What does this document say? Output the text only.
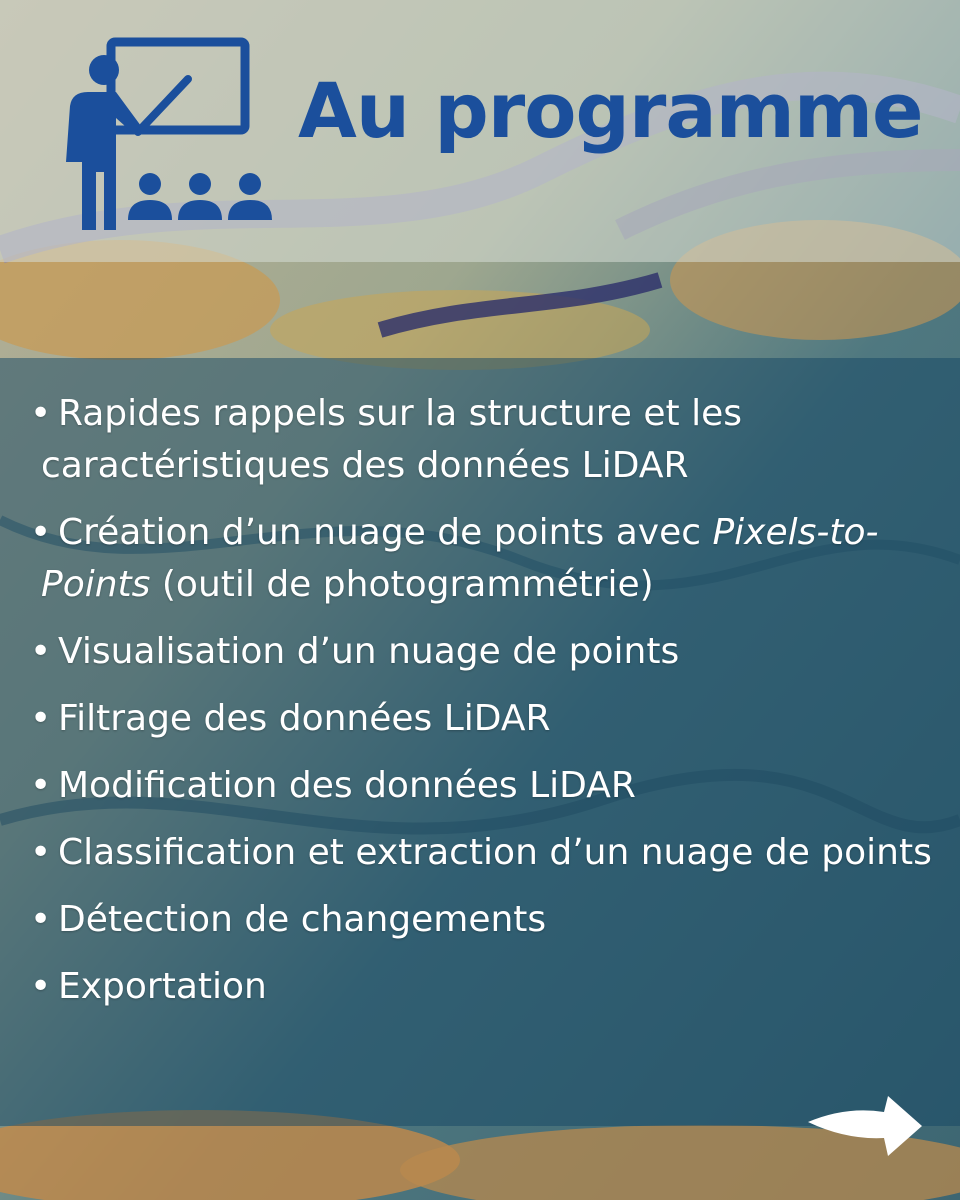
Au programme
• Rapides rappels sur la structure et les caractéristiques des données LiDAR
• Création d’un nuage de points avec Pixels-to-Points (outil de photogrammétrie)
• Visualisation d’un nuage de points
• Filtrage des données LiDAR
• Modification des données LiDAR
• Classification et extraction d’un nuage de points
• Détection de changements
• Exportation
